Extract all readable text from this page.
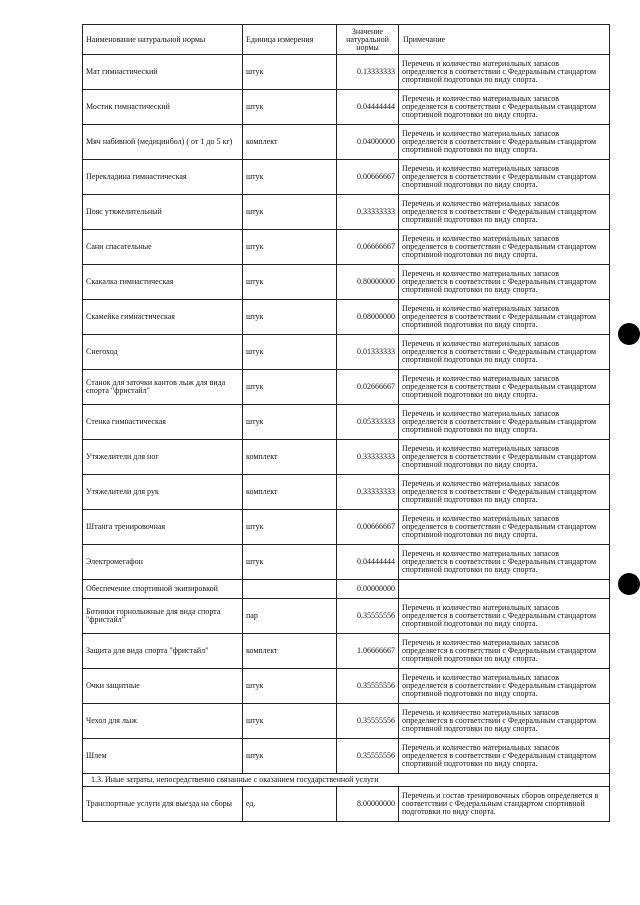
Наименование натуральной нормы	Единица измерения	Значение натуральной нормы	Примечание
Мат гимнастический	штук	0.13333333	Перечень и количество материальных запасов определяется в соответствии с Федеральным стандартом спортивной подготовки по виду спорта.
Мостик гимнастический	штук	0.04444444	Перечень и количество материальных запасов определяется в соответствии с Федеральным стандартом спортивной подготовки по виду спорта.
Мяч набивной (медицинбол) ( от 1 до 5 кг)	комплект	0.04000000	Перечень и количество материальных запасов определяется в соответствии с Федеральным стандартом спортивной подготовки по виду спорта.
Перекладина гимнастическая	штук	0.00666667	Перечень и количество материальных запасов определяется в соответствии с Федеральным стандартом спортивной подготовки по виду спорта.
Пояс утяжелительный	штук	0.33333333	Перечень и количество материальных запасов определяется в соответствии с Федеральным стандартом спортивной подготовки по виду спорта.
Сани спасательные	штук	0.06666667	Перечень и количество материальных запасов определяется в соответствии с Федеральным стандартом спортивной подготовки по виду спорта.
Скакалка гимнастическая	штук	0.80000000	Перечень и количество материальных запасов определяется в соответствии с Федеральным стандартом спортивной подготовки по виду спорта.
Скамейка гимнастическая	штук	0.08000000	Перечень и количество материальных запасов определяется в соответствии с Федеральным стандартом спортивной подготовки по виду спорта.
Снегоход	штук	0.01333333	Перечень и количество материальных запасов определяется в соответствии с Федеральным стандартом спортивной подготовки по виду спорта.
Станок для заточки кантов лыж для вида спорта "фристайл"	штук	0.02666667	Перечень и количество материальных запасов определяется в соответствии с Федеральным стандартом спортивной подготовки по виду спорта.
Стенка гимнастическая	штук	0.05333333	Перечень и количество материальных запасов определяется в соответствии с Федеральным стандартом спортивной подготовки по виду спорта.
Утяжелители для ног	комплект	0.33333333	Перечень и количество материальных запасов определяется в соответствии с Федеральным стандартом спортивной подготовки по виду спорта.
Утяжелители для рук	комплект	0.33333333	Перечень и количество материальных запасов определяется в соответствии с Федеральным стандартом спортивной подготовки по виду спорта.
Штанга тренировочная	штук	0.00666667	Перечень и количество материальных запасов определяется в соответствии с Федеральным стандартом спортивной подготовки по виду спорта.
Электромегафон	штук	0.04444444	Перечень и количество материальных запасов определяется в соответствии с Федеральным стандартом спортивной подготовки по виду спорта.
Обеспечение спортивной экипировкой		0.00000000	
Ботинки горнолыжные для вида спорта "фристайл"	пар	0.35555556	Перечень и количество материальных запасов определяется в соответствии с Федеральным стандартом спортивной подготовки по виду спорта.
Защита для вида спорта "фристайл"	комплект	1.06666667	Перечень и количество материальных запасов определяется в соответствии с Федеральным стандартом спортивной подготовки по виду спорта.
Очки защитные	штук	0.35555556	Перечень и количество материальных запасов определяется в соответствии с Федеральным стандартом спортивной подготовки по виду спорта.
Чехол для лыж	штук	0.35555556	Перечень и количество материальных запасов определяется в соответствии с Федеральным стандартом спортивной подготовки по виду спорта.
Шлем	штук	0.35555556	Перечень и количество материальных запасов определяется в соответствии с Федеральным стандартом спортивной подготовки по виду спорта.
1.3. Иные затраты, непосредственно связанные с оказанием государственной услуги			
Транспортные услуги для выезда на сборы	ед.	8.00000000	Перечень и состав тренировочных сборов определяется в соответствии с Федеральным стандартом спортивной подготовки по виду спорта.
